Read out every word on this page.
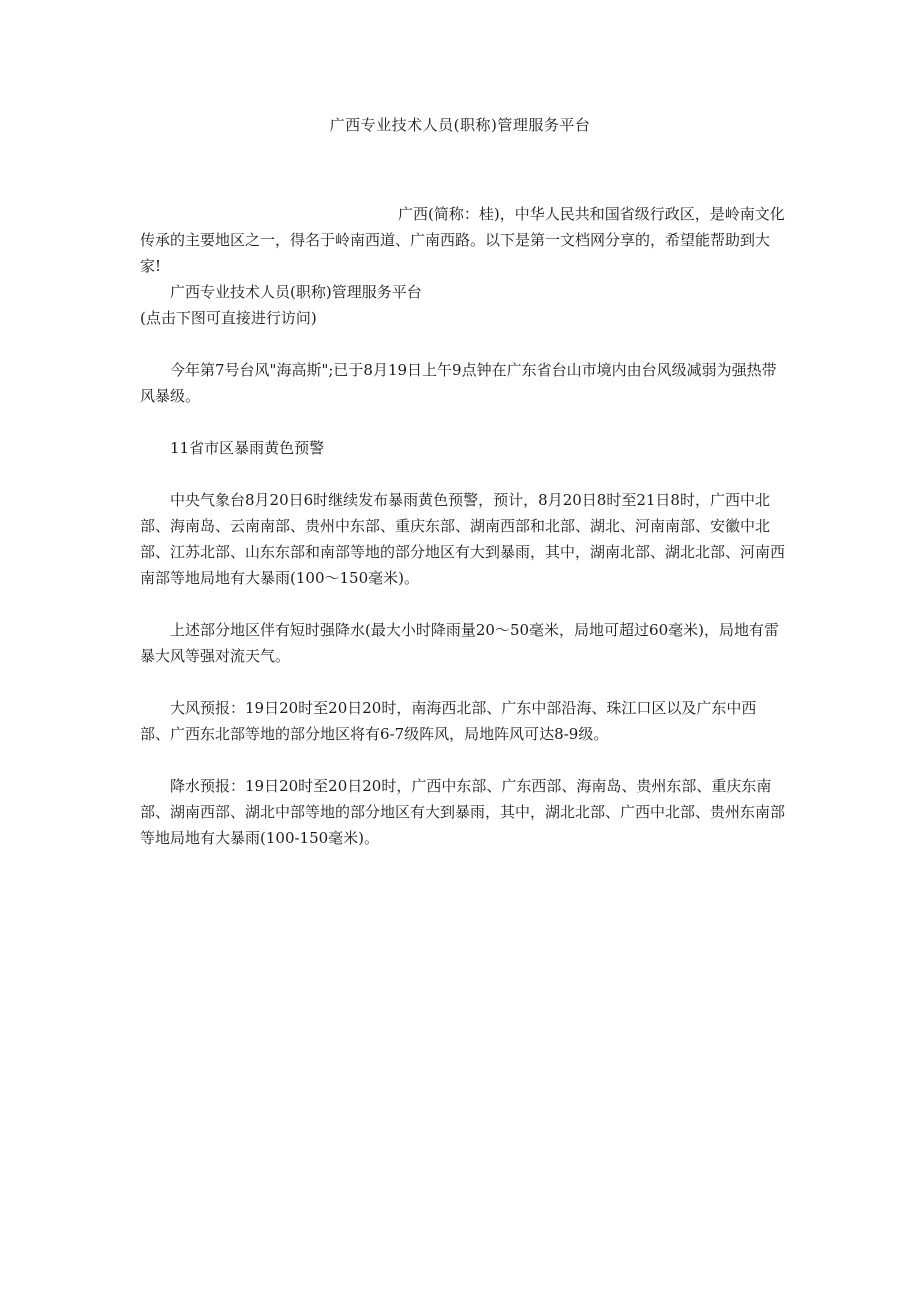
广西专业技术人员(职称)管理服务平台

广西(简称：桂)，中华人民共和国省级行政区，是岭南文化传承的主要地区之一，得名于岭南西道、广南西路。以下是第一文档网分享的，希望能帮助到大家!

广西专业技术人员(职称)管理服务平台

(点击下图可直接进行访问)

今年第7号台风"海高斯";已于8月19日上午9点钟在广东省台山市境内由台风级减弱为强热带风暴级。

11省市区暴雨黄色预警

中央气象台8月20日6时继续发布暴雨黄色预警，预计，8月20日8时至21日8时，广西中北部、海南岛、云南南部、贵州中东部、重庆东部、湖南西部和北部、湖北、河南南部、安徽中北部、江苏北部、山东东部和南部等地的部分地区有大到暴雨，其中，湖南北部、湖北北部、河南西南部等地局地有大暴雨(100～150毫米)。

上述部分地区伴有短时强降水(最大小时降雨量20～50毫米，局地可超过60毫米)，局地有雷暴大风等强对流天气。

大风预报：19日20时至20日20时，南海西北部、广东中部沿海、珠江口区以及广东中西部、广西东北部等地的部分地区将有6-7级阵风，局地阵风可达8-9级。

降水预报：19日20时至20日20时，广西中东部、广东西部、海南岛、贵州东部、重庆东南部、湖南西部、湖北中部等地的部分地区有大到暴雨，其中，湖北北部、广西中北部、贵州东南部等地局地有大暴雨(100-150毫米)。
